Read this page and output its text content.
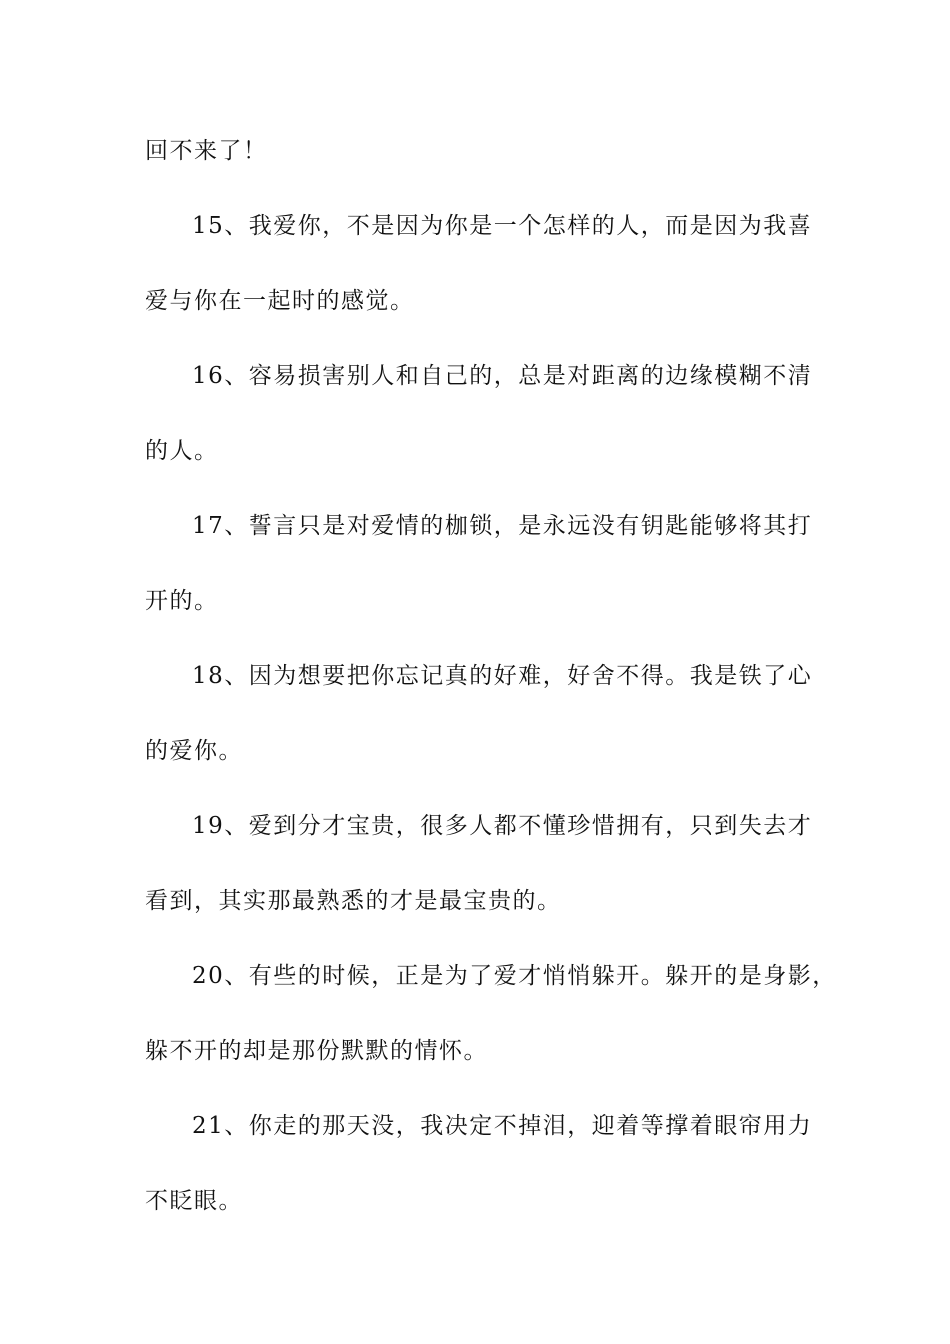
回不来了！
15、我爱你，不是因为你是一个怎样的人，而是因为我喜
爱与你在一起时的感觉。
16、容易损害别人和自己的，总是对距离的边缘模糊不清
的人。
17、誓言只是对爱情的枷锁，是永远没有钥匙能够将其打
开的。
18、因为想要把你忘记真的好难，好舍不得。我是铁了心
的爱你。
19、爱到分才宝贵，很多人都不懂珍惜拥有，只到失去才
看到，其实那最熟悉的才是最宝贵的。
20、有些的时候，正是为了爱才悄悄躲开。躲开的是身影，
躲不开的却是那份默默的情怀。
21、你走的那天没，我决定不掉泪，迎着等撑着眼帘用力
不眨眼。
